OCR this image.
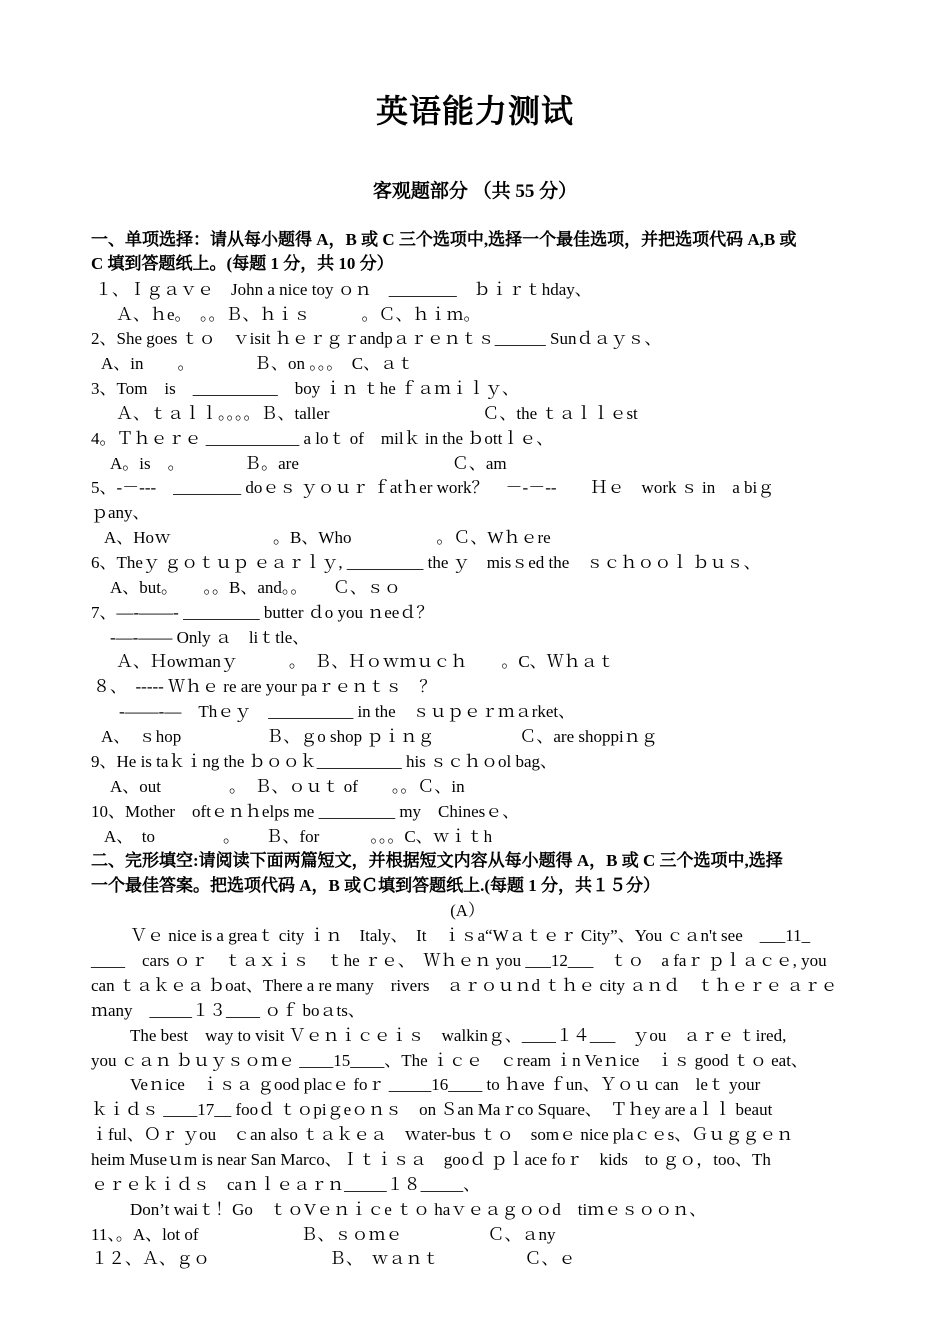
英语能力测试
客观题部分 （共 55 分）
一、单项选择：请从每小题得 A，B 或 C 三个选项中,选择一个最佳选项，并把选项代码 A,B 或
C 填到答题纸上。(每题 1 分，共 10 分）
１、Ｉｇａｖｅ　John a nice toy ｏｎ　________　ｂｉｒｔhday、
Ａ、ｈe。　。。Ｂ、ｈｉｓ　　　。Ｃ、ｈｉｍ。
2、She goes ｔｏ　ｖisit ｈｅｒｇｒandpａｒｅｎｔｓ______ Sunｄａｙｓ、
A、in　　。　　　　Ｂ、on 。。。　C、ａｔ
3、Tom　is　__________　boy ｉｎ ｔhe ｆａｍｉｌｙ、
Ａ、ｔａｌｌ。。。。Ｂ、taller　　　　　　　　　Ｃ、the ｔａｌｌｅst
4。Ｔｈｅｒｅ ___________ a loｔ of　milｋ in the ｂottｌｅ、
A。is　。　　　　Ｂ。are　　　　　　　　　Ｃ、am
5、-－---　________ doｅｓ ｙｏｕｒ ｆatｈer work？　－-－--　　Ｈｅ　work ｓ in　a biｇ
ｐany、
A、Hoｗ　　　　　　。B、Who　　　　　。Ｃ、Wｈｅre
6、Theｙ ｇｏｔｕｐ ｅａｒｌｙ, _________ the ｙ　misｓed the　ｓｃｈｏｏｌ ｂｕｓ、
A、but。　　。。B、and。。　　Ｃ、ｓｏ
7、—-——- _________ butter ｄo you ｎeeｄ？
-—-—— Only ａ　liｔtle、
Ａ、Ｈowｍanｙ　　　。　Ｂ、Ｈｏｗｍｕｃｈ　　。C、Ｗｈａｔ
８、　----- Ｗｈｅ re are your paｒｅｎｔｓ　？
-——-—　Thｅｙ　__________ in the　ｓｕｐｅｒｍａrket、
A、　ｓhop　　　　　Ｂ、ｇo shop ｐｉｎｇ　　　　　Ｃ、are shoppiｎｇ
9、He is taｋｉng the ｂｏｏｋ__________ his ｓｃｈｏol bag、
A、out　　　　。　Ｂ、ｏｕｔ of　　。。Ｃ、in
10、Mother　oftｅｎｈelps me _________ my　Chinesｅ、
A、　to　　　　。　　Ｂ、for　　　。。。C、ｗｉｔh
二、完形填空:请阅读下面两篇短文，并根据短文内容从每小题得 A，B 或 C 三个选项中,选择
一个最佳答案。把选项代码 A，B 或Ｃ填到答题纸上.(每题 1 分，共１５分）
(A）
Ｖｅ nice is a greaｔ city ｉｎ　Italy、　It　ｉｓa“Wａｔｅｒ City”、You ｃａn't see　___11_
____　cars ｏｒ　ｔａｘｉｓ　ｔhe ｒｅ、　Ｗｈｅｎ you ___12___　ｔｏ　a faｒ ｐｌａｃｅ, you
can ｔａｋｅａ ｂoat、There a re many　rivers　ａｒｏｕｎd ｔｈｅ city ａｎｄ　ｔｈｅｒｅ ａｒｅ
ｍany　_____１３____ ｏｆ boａts、
The best　way to visit Ｖｅｎｉｃｅｉｓ　walkinｇ、____１４___　ｙou　ａｒｅ ｔired,
you ｃａｎ ｂｕｙｓｏｍｅ ____15____、The ｉｃｅ　ｃream ｉn Veｎice　ｉｓ good ｔｏ eat、
Veｎice　ｉｓａ ｇood placｅ foｒ _____16____ to ｈave ｆun、Ｙｏｕ can　leｔ your
ｋｉｄｓ ____17__ fooｄ ｔｏpiｇeｏｎｓ　on Ｓan Maｒco Square、　Ｔｈey are aｌｌ beaut
ｉful、Ｏｒ ｙou　ｃan also ｔａｋｅａ　ｗater-bus ｔｏ　somｅ nice plaｃｅs、Ｇｕｇｇｅｎ
heim Museｕm is near San Marco、Ｉｔｉｓａ　gooｄ ｐｌace foｒ　kids　to ｇｏ，too、Th
ｅｒｅｋｉｄｓ　caｎｌｅａｒｎ_____１８_____、
Don’t waiｔ！Go　ｔｏVｅｎｉｃe ｔｏ haｖｅａｇｏｏd　tiｍｅｓｏｏｎ、
11、。A、lot of　　　　　　Ｂ、ｓｏｍｅ　　　　　Ｃ、ａny
１２、Ａ、ｇｏ　　　　　　　Ｂ、　ｗａｎｔ　　　　　Ｃ、ｅ
